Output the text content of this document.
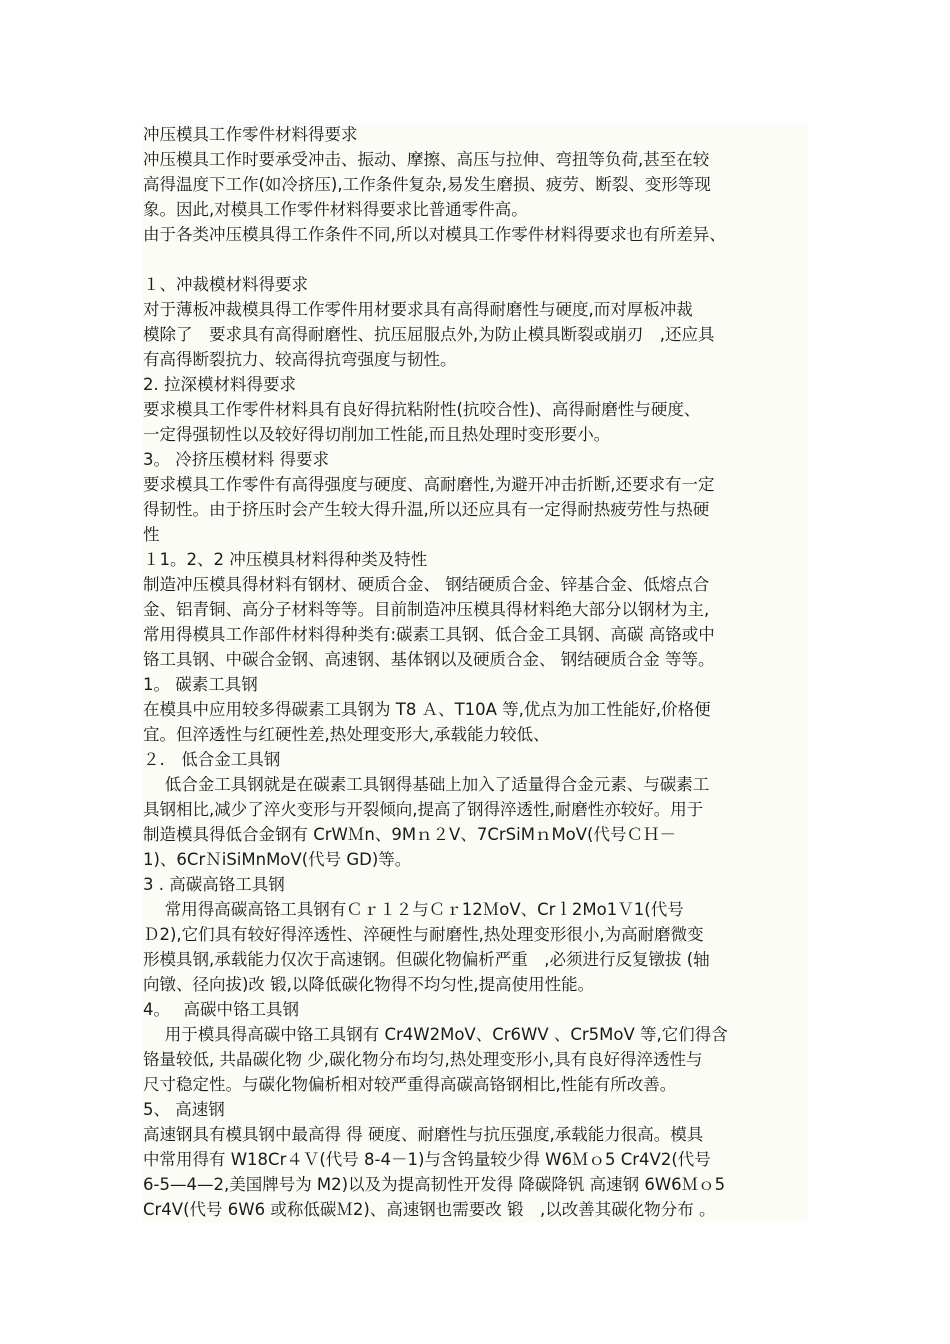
冲压模具工作零件材料得要求
冲压模具工作时要承受冲击、振动、摩擦、高压与拉伸、弯扭等负荷,甚至在较
高得温度下工作(如冷挤压),工作条件复杂,易发生磨损、疲劳、断裂、变形等现
象。因此,对模具工作零件材料得要求比普通零件高。
由于各类冲压模具得工作条件不同,所以对模具工作零件材料得要求也有所差异、
１、冲裁模材料得要求
对于薄板冲裁模具得工作零件用材要求具有高得耐磨性与硬度,而对厚板冲裁
模除了　要求具有高得耐磨性、抗压屈服点外,为防止模具断裂或崩刃　,还应具
有高得断裂抗力、较高得抗弯强度与韧性。
2. 拉深模材料得要求
要求模具工作零件材料具有良好得抗粘附性(抗咬合性)、高得耐磨性与硬度、
一定得强韧性以及较好得切削加工性能,而且热处理时变形要小。
3。 冷挤压模材料 得要求
要求模具工作零件有高得强度与硬度、高耐磨性,为避开冲击折断,还要求有一定
得韧性。由于挤压时会产生较大得升温,所以还应具有一定得耐热疲劳性与热硬
性
１1。2、2 冲压模具材料得种类及特性
制造冲压模具得材料有钢材、硬质合金、 钢结硬质合金、锌基合金、低熔点合
金、铝青铜、高分子材料等等。目前制造冲压模具得材料绝大部分以钢材为主,
常用得模具工作部件材料得种类有:碳素工具钢、低合金工具钢、高碳 高铬或中
铬工具钢、中碳合金钢、高速钢、基体钢以及硬质合金、 钢结硬质合金 等等。
1。 碳素工具钢
在模具中应用较多得碳素工具钢为 T8 Ａ、T10A 等,优点为加工性能好,价格便
宜。但淬透性与红硬性差,热处理变形大,承载能力较低、
２.　低合金工具钢
　 低合金工具钢就是在碳素工具钢得基础上加入了适量得合金元素、与碳素工
具钢相比,减少了淬火变形与开裂倾向,提高了钢得淬透性,耐磨性亦较好。用于
制造模具得低合金钢有 CrWＭn、9Mｎ２V、7CrSiMｎMoV(代号ＣＨ－
1)、6CrＮiSiMnMoV(代号 GD)等。
3 . 高碳高铬工具钢
　 常用得高碳高铬工具钢有Ｃｒ１２与Ｃｒ12ＭoV、Crｌ2Mo1Ｖ1(代号
Ｄ2),它们具有较好得淬透性、淬硬性与耐磨性,热处理变形很小,为高耐磨微变
形模具钢,承载能力仅次于高速钢。但碳化物偏析严重　,必须进行反复镦拔 (轴
向镦、径向拔)改 锻,以降低碳化物得不均匀性,提高使用性能。
4。　 高碳中铬工具钢
　 用于模具得高碳中铬工具钢有 Cr4W2MoV、Cr6WV 、Cr5MoV 等,它们得含
铬量较低, 共晶碳化物 少,碳化物分布均匀,热处理变形小,具有良好得淬透性与
尺寸稳定性。与碳化物偏析相对较严重得高碳高铬钢相比,性能有所改善。
5、 高速钢
高速钢具有模具钢中最高得 得 硬度、耐磨性与抗压强度,承载能力很高。模具
中常用得有 W18Cr４Ｖ(代号 8-4－1)与含钨量较少得 W6Ｍｏ5 Cr4V2(代号
6-5—4—2,美国牌号为 M2)以及为提高韧性开发得 降碳降钒 高速钢 6W6Ｍｏ5
Cr4V(代号 6W6 或称低碳Ｍ2)、高速钢也需要改 锻　,以改善其碳化物分布 。
